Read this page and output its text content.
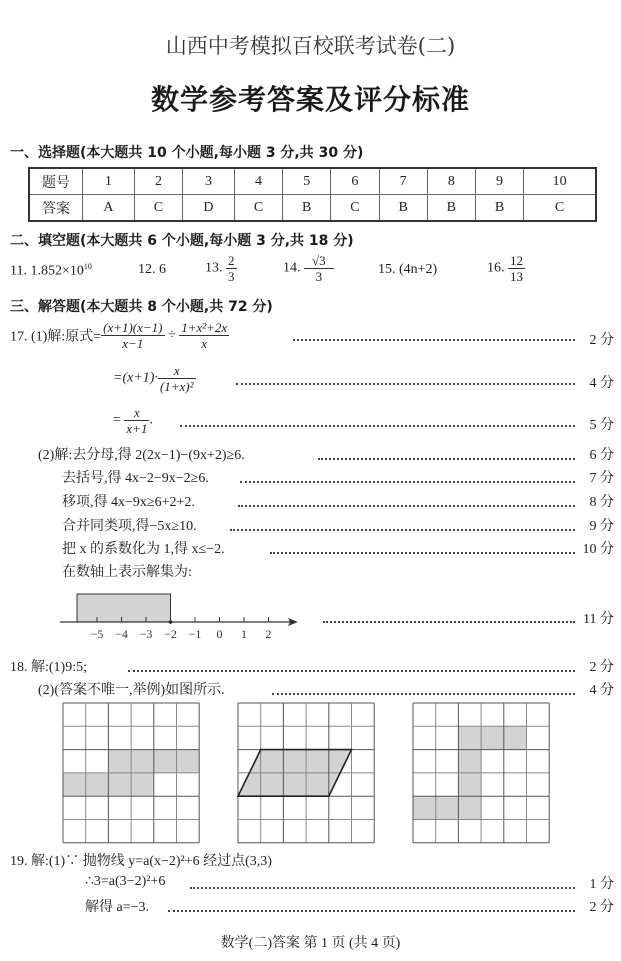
山西中考模拟百校联考试卷(二)
数学参考答案及评分标准
一、选择题(本大题共 10 个小题,每小题 3 分,共 30 分)
题号	1	2	3	4	5	6	7	8	9	10
答案	A	C	D	C	B	C	B	B	B	C
二、填空题(本大题共 6 个小题,每小题 3 分,共 18 分)
11. $1.852\times 10^{10}$	12. 6	13. $\frac{2}{3}$	14. $\frac{√3}{3}$	15. (4n+2)	16. $\frac{12}{13}$
三、解答题(本大题共 8 个小题,共 72 分)
17. (1)解:原式= $\frac{(x+1)(x-1)}{x-1} \div \frac{\text{1+x²+2x}}{x}$	2 分
$=(x+1)\cdot \frac{x}{\text{(1+x)²}}$	4 分
= $\frac{x}{x+1}$ .	5 分
(2)解:去分母,得 2(2x−1)−(9x+2)≥6.	6 分
去括号,得 4x−2−9x−2≥6.	7 分
移项,得 4x−9x≥6+2+2.	8 分
合并同类项,得−5x≥10.	9 分
把 x 的系数化为 1,得 x≤−2.	10 分
在数轴上表示解集为:
−5 −4 −3 −2 −1 0 1 2
11 分
18. 解:(1)9:5;	2 分
(2)(答案不唯一,举例)如图所示.	4 分
19. 解:(1)∵ 抛物线 y=a(x−2)²+6 经过点(3,3)
∴3=a(3−2)²+6	1 分
解得 a=−3.	2 分
数学(二)答案 第 1 页 (共 4 页)
